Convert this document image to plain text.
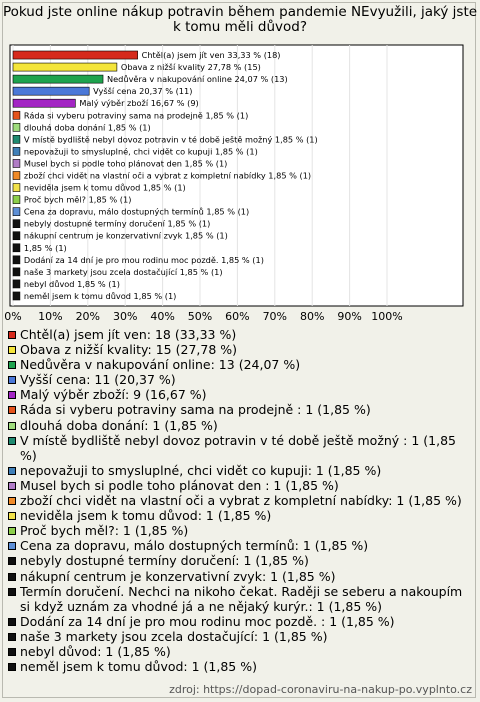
Pokud jste online nákup potravin během pandemie NEvyužili, jaký jste k tomu měli důvod?
0% 10% 20% 30% 40% 50% 60% 70% 80% 90% 100%
Chtěl(a) jsem jít ven 33,33 % (18)
Obava z nižší kvality 27,78 % (15)
Nedůvěra v nakupování online 24,07 % (13)
Vyšší cena 20,37 % (11)
Malý výběr zboží 16,67 % (9)
Ráda si vyberu potraviny sama na prodejně 1,85 % (1)
dlouhá doba donání 1,85 % (1)
V místě bydliště nebyl dovoz potravin v té době ještě možný 1,85 % (1)
nepovažuji to smysluplné, chci vidět co kupuji 1,85 % (1)
Musel bych si podle toho plánovat den 1,85 % (1)
zboží chci vidět na vlastní oči a vybrat z kompletní nabídky 1,85 % (1)
neviděla jsem k tomu důvod 1,85 % (1)
Proč bych měl? 1,85 % (1)
Cena za dopravu, málo dostupných termínů 1,85 % (1)
nebyly dostupné termíny doručení 1,85 % (1)
nákupní centrum je konzervativní zvyk 1,85 % (1)
1,85 % (1)
Dodání za 14 dní je pro mou rodinu moc pozdě. 1,85 % (1)
naše 3 markety jsou zcela dostačující 1,85 % (1)
nebyl důvod 1,85 % (1)
neměl jsem k tomu důvod 1,85 % (1)
Chtěl(a) jsem jít ven: 18 (33,33 %)
Obava z nižší kvality: 15 (27,78 %)
Nedůvěra v nakupování online: 13 (24,07 %)
Vyšší cena: 11 (20,37 %)
Malý výběr zboží: 9 (16,67 %)
Ráda si vyberu potraviny sama na prodejně : 1 (1,85 %)
dlouhá doba donání: 1 (1,85 %)
V místě bydliště nebyl dovoz potravin v té době ještě možný : 1 (1,85 %)
nepovažuji to smysluplné, chci vidět co kupuji: 1 (1,85 %)
Musel bych si podle toho plánovat den : 1 (1,85 %)
zboží chci vidět na vlastní oči a vybrat z kompletní nabídky: 1 (1,85 %)
neviděla jsem k tomu důvod: 1 (1,85 %)
Proč bych měl?: 1 (1,85 %)
Cena za dopravu, málo dostupných termínů: 1 (1,85 %)
nebyly dostupné termíny doručení: 1 (1,85 %)
nákupní centrum je konzervativní zvyk: 1 (1,85 %)
Termín doručení. Nechci na nikoho čekat. Raději se seberu a nakoupím si když uznám za vhodné já a ne nějaký kurýr.: 1 (1,85 %)
Dodání za 14 dní je pro mou rodinu moc pozdě. : 1 (1,85 %)
naše 3 markety jsou zcela dostačující: 1 (1,85 %)
nebyl důvod: 1 (1,85 %)
neměl jsem k tomu důvod: 1 (1,85 %)
zdroj: https://dopad-coronaviru-na-nakup-po.vyplnto.cz
